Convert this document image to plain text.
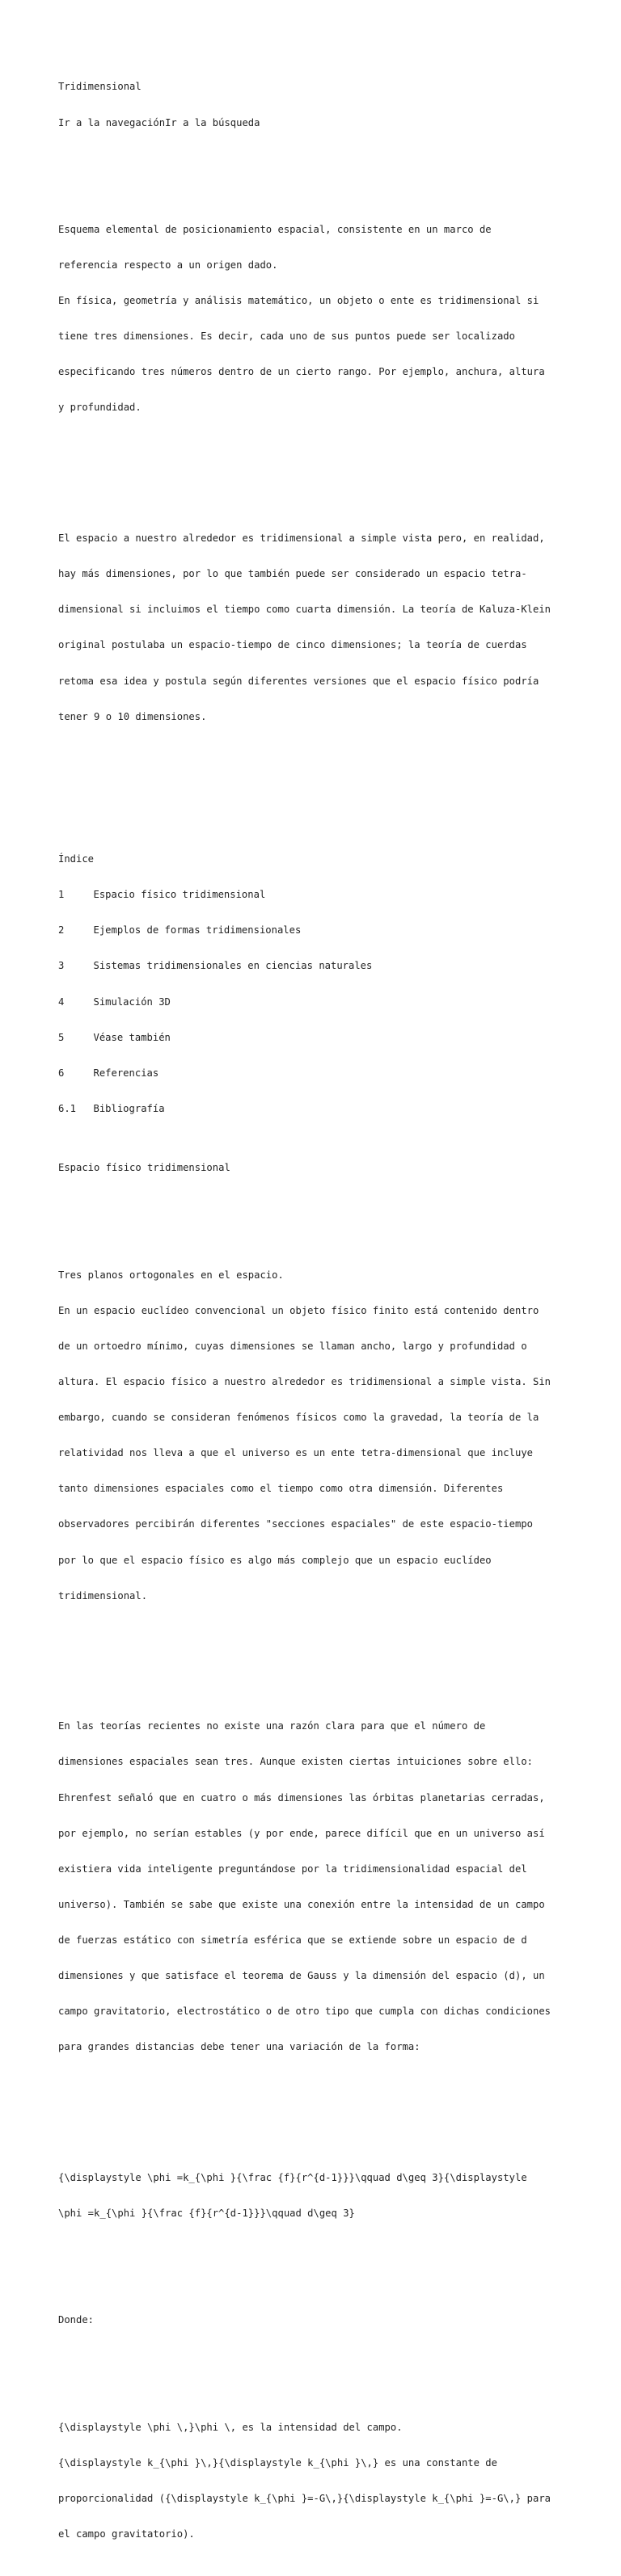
Tridimensional

Ir a la navegaciónIr a la búsqueda

Esquema elemental de posicionamiento espacial, consistente en un marco de

referencia respecto a un origen dado.

En física, geometría y análisis matemático, un objeto o ente es tridimensional si

tiene tres dimensiones. Es decir, cada uno de sus puntos puede ser localizado

especificando tres números dentro de un cierto rango. Por ejemplo, anchura, altura

y profundidad.

El espacio a nuestro alrededor es tridimensional a simple vista pero, en realidad,

hay más dimensiones, por lo que también puede ser considerado un espacio tetra-

dimensional si incluimos el tiempo como cuarta dimensión. La teoría de Kaluza-Klein

original postulaba un espacio-tiempo de cinco dimensiones; la teoría de cuerdas

retoma esa idea y postula según diferentes versiones que el espacio físico podría

tener 9 o 10 dimensiones.

Índice

1	Espacio físico tridimensional

2	Ejemplos de formas tridimensionales

3	Sistemas tridimensionales en ciencias naturales

4	Simulación 3D

5	Véase también

6	Referencias

6.1 Bibliografía

Espacio físico tridimensional

Tres planos ortogonales en el espacio.

En un espacio euclídeo convencional un objeto físico finito está contenido dentro

de un ortoedro mínimo, cuyas dimensiones se llaman ancho, largo y profundidad o

altura. El espacio físico a nuestro alrededor es tridimensional a simple vista. Sin

embargo, cuando se consideran fenómenos físicos como la gravedad, la teoría de la

relatividad nos lleva a que el universo es un ente tetra-dimensional que incluye

tanto dimensiones espaciales como el tiempo como otra dimensión. Diferentes

observadores percibirán diferentes "secciones espaciales" de este espacio-tiempo

por lo que el espacio físico es algo más complejo que un espacio euclídeo

tridimensional.

En las teorías recientes no existe una razón clara para que el número de

dimensiones espaciales sean tres. Aunque existen ciertas intuiciones sobre ello:

Ehrenfest señaló que en cuatro o más dimensiones las órbitas planetarias cerradas,

por ejemplo, no serían estables (y por ende, parece difícil que en un universo así

existiera vida inteligente preguntándose por la tridimensionalidad espacial del

universo). También se sabe que existe una conexión entre la intensidad de un campo

de fuerzas estático con simetría esférica que se extiende sobre un espacio de d

dimensiones y que satisface el teorema de Gauss y la dimensión del espacio (d), un

campo gravitatorio, electrostático o de otro tipo que cumpla con dichas condiciones

para grandes distancias debe tener una variación de la forma:

{\displaystyle \phi =k_{\phi }{\frac {f}{r^{d-1}}}\qquad d\geq 3}{\displaystyle

\phi =k_{\phi }{\frac {f}{r^{d-1}}}\qquad d\geq 3}

Donde:

{\displaystyle \phi \,}\phi \, es la intensidad del campo.

{\displaystyle k_{\phi }\,}{\displaystyle k_{\phi }\,} es una constante de

proporcionalidad ({\displaystyle k_{\phi }=-G\,}{\displaystyle k_{\phi }=-G\,} para

el campo gravitatorio).
